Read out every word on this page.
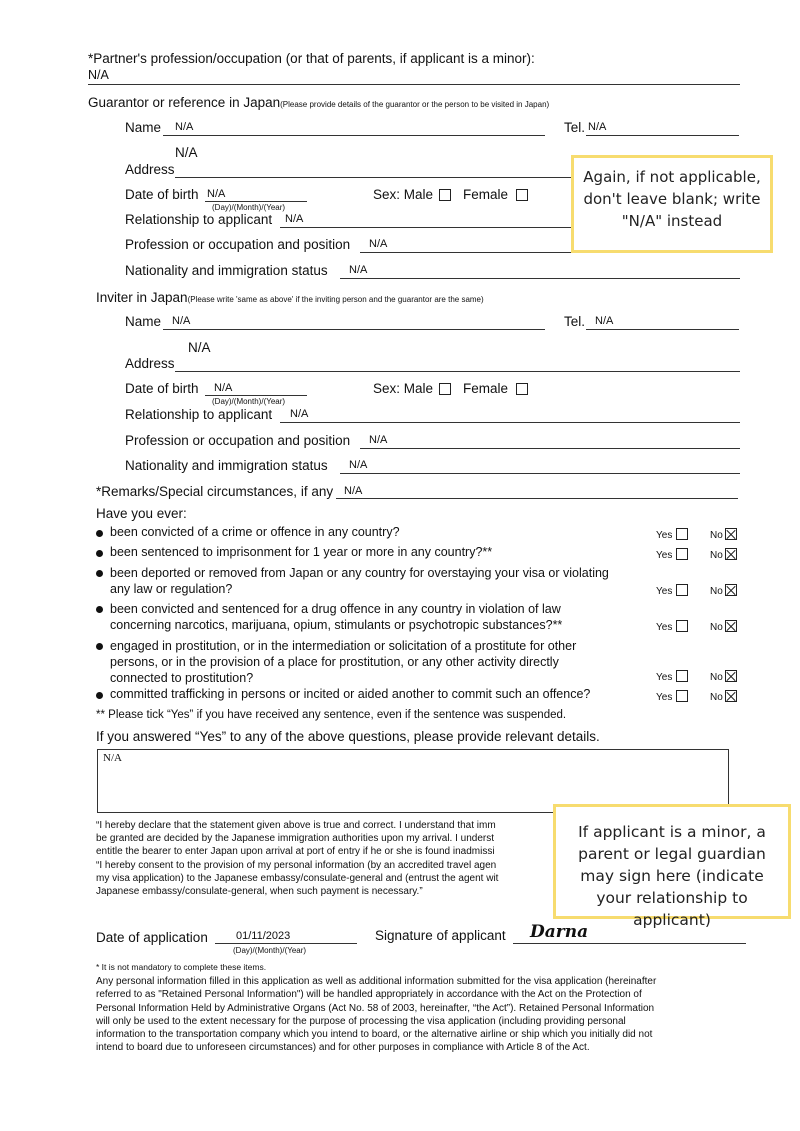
*Partner's profession/occupation (or that of parents, if applicant is a minor):
N/A
Guarantor or reference in Japan(Please provide details of the guarantor or the person to be visited in Japan)
Name N/A	Tel. N/A
N/A
Address
Date of birth N/A
(Day)/(Month)/(Year)
Sex: Male Female
Relationship to applicant N/A
Profession or occupation and position N/A
Nationality and immigration status N/A
Inviter in Japan(Please write 'same as above' if the inviting person and the guarantor are the same)
Name N/A	Tel. N/A
N/A
Address
Date of birth N/A
(Day)/(Month)/(Year)
Sex: Male Female
Relationship to applicant N/A
Profession or occupation and position N/A
Nationality and immigration status N/A
*Remarks/Special circumstances, if any N/A
Have you ever:
been convicted of a crime or offence in any country?	Yes	No
been sentenced to imprisonment for 1 year or more in any country?**	Yes	No
been deported or removed from Japan or any country for overstaying your visa or violating any law or regulation?	Yes	No
been convicted and sentenced for a drug offence in any country in violation of law concerning narcotics, marijuana, opium, stimulants or psychotropic substances?**	Yes	No
engaged in prostitution, or in the intermediation or solicitation of a prostitute for other persons, or in the provision of a place for prostitution, or any other activity directly connected to prostitution?	Yes	No
committed trafficking in persons or incited or aided another to commit such an offence?	Yes	No
** Please tick “Yes” if you have received any sentence, even if the sentence was suspended.
If you answered “Yes” to any of the above questions, please provide relevant details.
N/A
“I hereby declare that the statement given above is true and correct. I understand that imm
be granted are decided by the Japanese immigration authorities upon my arrival. I underst
entitle the bearer to enter Japan upon arrival at port of entry if he or she is found inadmissi
“I hereby consent to the provision of my personal information (by an accredited travel agen
my visa application) to the Japanese embassy/consulate-general and (entrust the agent wit
Japanese embassy/consulate-general, when such payment is necessary.”
Date of application	01/11/2023
(Day)/(Month)/(Year)
Signature of applicant Darna
* It is not mandatory to complete these items.
Any personal information filled in this application as well as additional information submitted for the visa application (hereinafter
referred to as "Retained Personal Information") will be handled appropriately in accordance with the Act on the Protection of
Personal Information Held by Administrative Organs (Act No. 58 of 2003, hereinafter, “the Act”). Retained Personal Information
will only be used to the extent necessary for the purpose of processing the visa application (including providing personal
information to the transportation company which you intend to board, or the alternative airline or ship which you initially did not
intend to board due to unforeseen circumstances) and for other purposes in compliance with Article 8 of the Act.
Again, if not applicable, don't leave blank; write "N/A" instead
If applicant is a minor, a parent or legal guardian may sign here (indicate your relationship to applicant)
